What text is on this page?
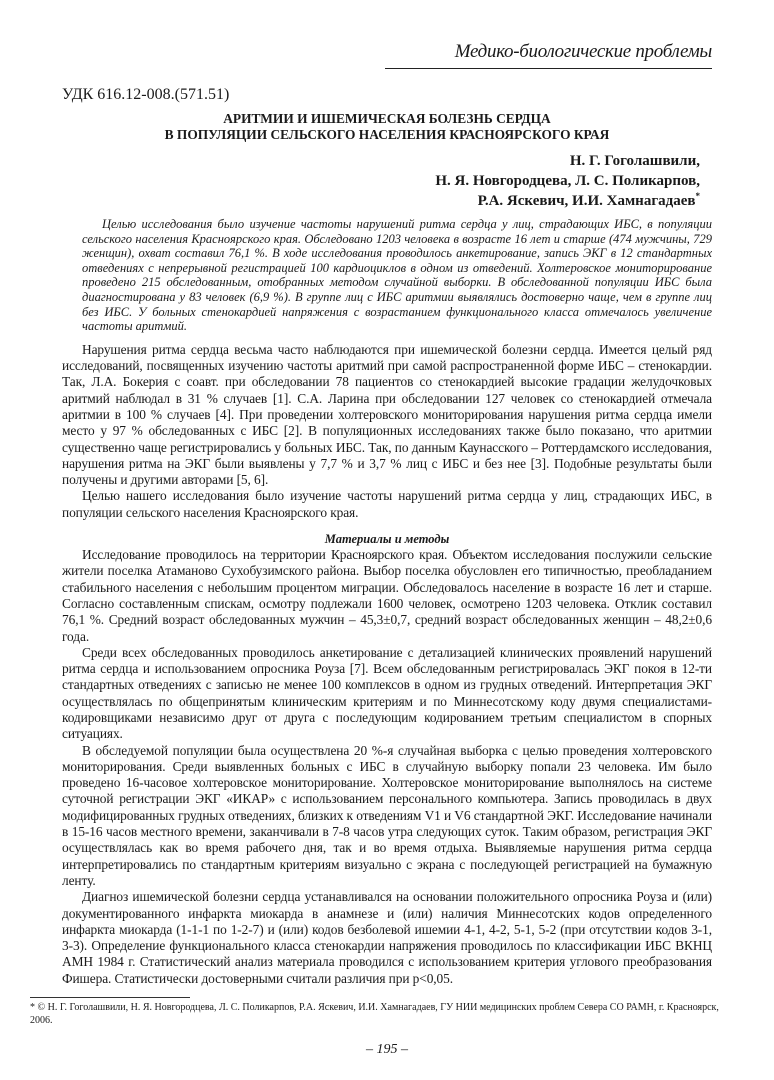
Медико-биологические проблемы
УДК 616.12-008.(571.51)
АРИТМИИ И ИШЕМИЧЕСКАЯ БОЛЕЗНЬ СЕРДЦА
В ПОПУЛЯЦИИ СЕЛЬСКОГО НАСЕЛЕНИЯ КРАСНОЯРСКОГО КРАЯ
Н. Г. Гоголашвили,
Н. Я. Новгородцева, Л. С. Поликарпов,
Р.А. Яскевич, И.И. Хамнагадаев*

Целью исследования было изучение частоты нарушений ритма сердца у лиц, страдающих ИБС, в популяции сельского населения Красноярского края. Обследовано 1203 человека в возрасте 16 лет и старше (474 мужчины, 729 женщин), охват составил 76,1 %. В ходе исследования проводилось анкетирование, запись ЭКГ в 12 стандартных отведениях с непрерывной регистрацией 100 кардиоциклов в одном из отведений. Холтеровское мониторирование проведено 215 обследованным, отобранных методом случайной выборки. В обследованной популяции ИБС была диагностирована у 83 человек (6,9 %). В группе лиц с ИБС аритмии выявлялись достоверно чаще, чем в группе лиц без ИБС. У больных стенокардией напряжения с возрастанием функционального класса отмечалось увеличение частоты аритмий.

Нарушения ритма сердца весьма часто наблюдаются при ишемической болезни сердца. Имеется целый ряд исследований, посвященных изучению частоты аритмий при самой распространенной форме ИБС – стенокардии. Так, Л.А. Бокерия с соавт. при обследовании 78 пациентов со стенокардией высокие градации желудочковых аритмий наблюдал в 31 % случаев [1]. С.А. Ларина при обследовании 127 человек со стенокардией отмечала аритмии в 100 % случаев [4]. При проведении холтеровского мониторирования нарушения ритма сердца имели место у 97 % обследованных с ИБС [2]. В популяционных исследованиях также было показано, что аритмии существенно чаще регистрировались у больных ИБС. Так, по данным Каунасского – Роттердамского исследования, нарушения ритма на ЭКГ были выявлены у 7,7 % и 3,7 % лиц с ИБС и без нее [3]. Подобные результаты были получены и другими авторами [5, 6].

Целью нашего исследования было изучение частоты нарушений ритма сердца у лиц, страдающих ИБС, в популяции сельского населения Красноярского края.

Материалы и методы

Исследование проводилось на территории Красноярского края. Объектом исследования послужили сельские жители поселка Атаманово Сухобузимского района. Выбор поселка обусловлен его типичностью, преобладанием стабильного населения с небольшим процентом миграции. Обследовалось население в возрасте 16 лет и старше. Согласно составленным спискам, осмотру подлежали 1600 человек, осмотрено 1203 человека. Отклик составил 76,1 %. Средний возраст обследованных мужчин – 45,3±0,7, средний возраст обследованных женщин – 48,2±0,6 года.

Среди всех обследованных проводилось анкетирование с детализацией клинических проявлений нарушений ритма сердца и использованием опросника Роуза [7]. Всем обследованным регистрировалась ЭКГ покоя в 12-ти стандартных отведениях с записью не менее 100 комплексов в одном из грудных отведений. Интерпретация ЭКГ осуществлялась по общепринятым клиническим критериям и по Миннесотскому коду двумя специалистами-кодировщиками независимо друг от друга с последующим кодированием третьим специалистом в спорных ситуациях.

В обследуемой популяции была осуществлена 20 %-я случайная выборка с целью проведения холтеровского мониторирования. Среди выявленных больных с ИБС в случайную выборку попали 23 человека. Им было проведено 16-часовое холтеровское мониторирование. Холтеровское мониторирование выполнялось на системе суточной регистрации ЭКГ «ИКАР» с использованием персонального компьютера. Запись проводилась в двух модифицированных грудных отведениях, близких к отведениям V1 и V6 стандартной ЭКГ. Исследование начинали в 15-16 часов местного времени, заканчивали в 7-8 часов утра следующих суток. Таким образом, регистрация ЭКГ осуществлялась как во время рабочего дня, так и во время отдыха. Выявляемые нарушения ритма сердца интерпретировались по стандартным критериям визуально с экрана с последующей регистрацией на бумажную ленту.

Диагноз ишемической болезни сердца устанавливался на основании положительного опросника Роуза и (или) документированного инфаркта миокарда в анамнезе и (или) наличия Миннесотских кодов определенного инфаркта миокарда (1-1-1 по 1-2-7) и (или) кодов безболевой ишемии 4-1, 4-2, 5-1, 5-2 (при отсутствии кодов 3-1, 3-3). Определение функционального класса стенокардии напряжения проводилось по классификации ИБС ВКНЦ АМН 1984 г. Статистический анализ материала проводился с использованием критерия углового преобразования Фишера. Статистически достоверными считали различия при p<0,05.

* © Н. Г. Гоголашвили, Н. Я. Новгородцева, Л. С. Поликарпов, Р.А. Яскевич, И.И. Хамнагадаев, ГУ НИИ медицинских проблем Севера СО РАМН, г. Красноярск, 2006.
– 195 –
